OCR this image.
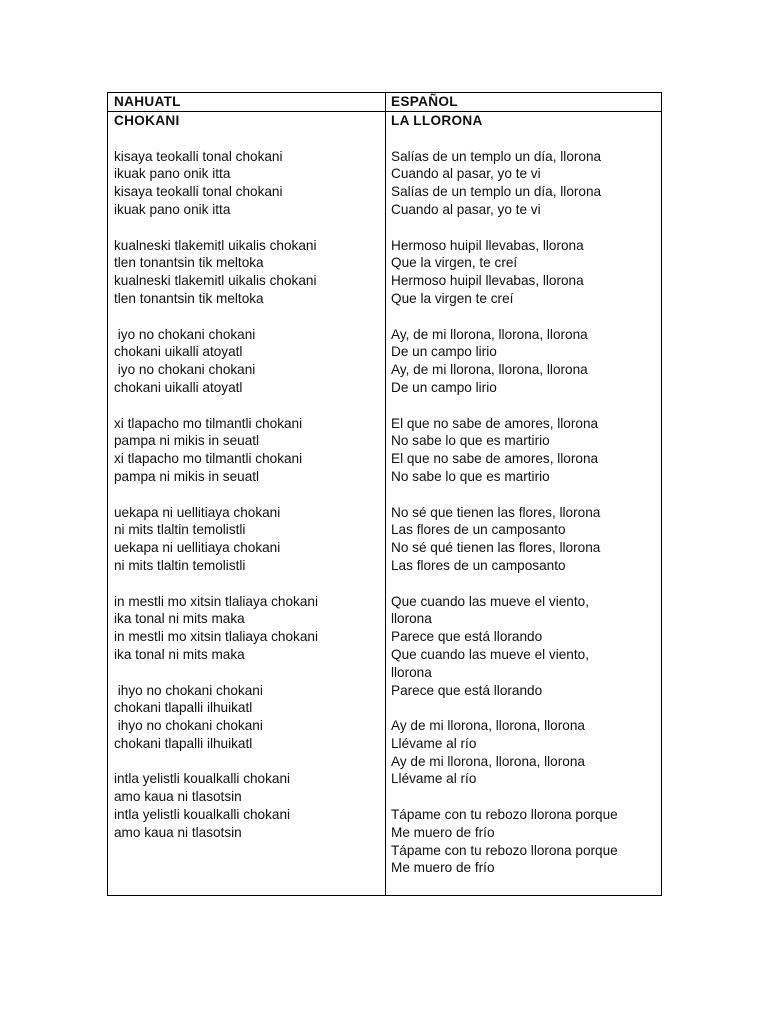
NAHUATL
CHOKANI
kisaya teokalli tonal chokani
ikuak pano onik itta
kisaya teokalli tonal chokani
ikuak pano onik itta
kualneski tlakemitl uikalis chokani
tlen tonantsin tik meltoka
kualneski tlakemitl uikalis chokani
tlen tonantsin tik meltoka
iyo no chokani chokani
chokani uikalli atoyatl
iyo no chokani chokani
chokani uikalli atoyatl
xi tlapacho mo tilmantli chokani
pampa ni mikis in seuatl
xi tlapacho mo tilmantli chokani
pampa ni mikis in seuatl
uekapa ni uellitiaya chokani
ni mits tlaltin temolistli
uekapa ni uellitiaya chokani
ni mits tlaltin temolistli
in mestli mo xitsin tlaliaya chokani
ika tonal ni mits maka
in mestli mo xitsin tlaliaya chokani
ika tonal ni mits maka
ihyo no chokani chokani
chokani tlapalli ilhuikatl
ihyo no chokani chokani
chokani tlapalli ilhuikatl
intla yelistli koualkalli chokani
amo kaua ni tlasotsin
intla yelistli koualkalli chokani
amo kaua ni tlasotsin
ESPAÑOL
LA LLORONA
Salías de un templo un día, llorona
Cuando al pasar, yo te vi
Salías de un templo un día, llorona
Cuando al pasar, yo te vi
Hermoso huipil llevabas, llorona
Que la virgen, te creí
Hermoso huipil llevabas, llorona
Que la virgen te creí
Ay, de mi llorona, llorona, llorona
De un campo lirio
Ay, de mi llorona, llorona, llorona
De un campo lirio
El que no sabe de amores, llorona
No sabe lo que es martirio
El que no sabe de amores, llorona
No sabe lo que es martirio
No sé que tienen las flores, llorona
Las flores de un camposanto
No sé qué tienen las flores, llorona
Las flores de un camposanto
Que cuando las mueve el viento,
llorona
Parece que está llorando
Que cuando las mueve el viento,
llorona
Parece que está llorando
Ay de mi llorona, llorona, llorona
Llévame al río
Ay de mi llorona, llorona, llorona
Llévame al río
Tápame con tu rebozo llorona porque
Me muero de frío
Tápame con tu rebozo llorona porque
Me muero de frío
